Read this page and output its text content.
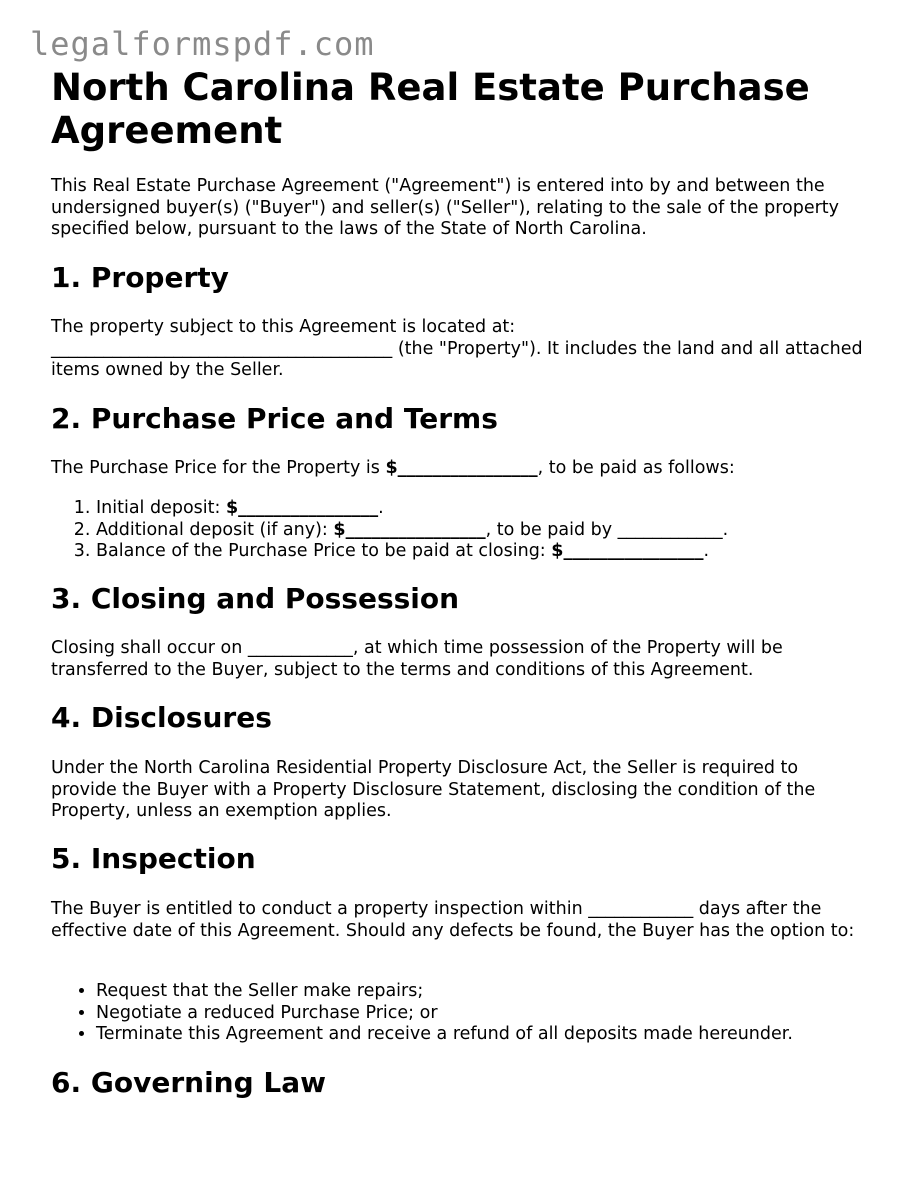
legalformspdf.com
North Carolina Real Estate Purchase Agreement

This Real Estate Purchase Agreement ("Agreement") is entered into by and between the undersigned buyer(s) ("Buyer") and seller(s) ("Seller"), relating to the sale of the property specified below, pursuant to the laws of the State of North Carolina.

1. Property

The property subject to this Agreement is located at:
_______________________________________ (the "Property"). It includes the land and all attached items owned by the Seller.

2. Purchase Price and Terms

The Purchase Price for the Property is $________________, to be paid as follows:

1. Initial deposit: $________________.
2. Additional deposit (if any): $________________, to be paid by ____________.
3. Balance of the Purchase Price to be paid at closing: $________________.
3. Closing and Possession

Closing shall occur on ____________, at which time possession of the Property will be transferred to the Buyer, subject to the terms and conditions of this Agreement.

4. Disclosures

Under the North Carolina Residential Property Disclosure Act, the Seller is required to provide the Buyer with a Property Disclosure Statement, disclosing the condition of the Property, unless an exemption applies.

5. Inspection

The Buyer is entitled to conduct a property inspection within ____________ days after the effective date of this Agreement. Should any defects be found, the Buyer has the option to:

• Request that the Seller make repairs;
• Negotiate a reduced Purchase Price; or
• Terminate this Agreement and receive a refund of all deposits made hereunder.
6. Governing Law
